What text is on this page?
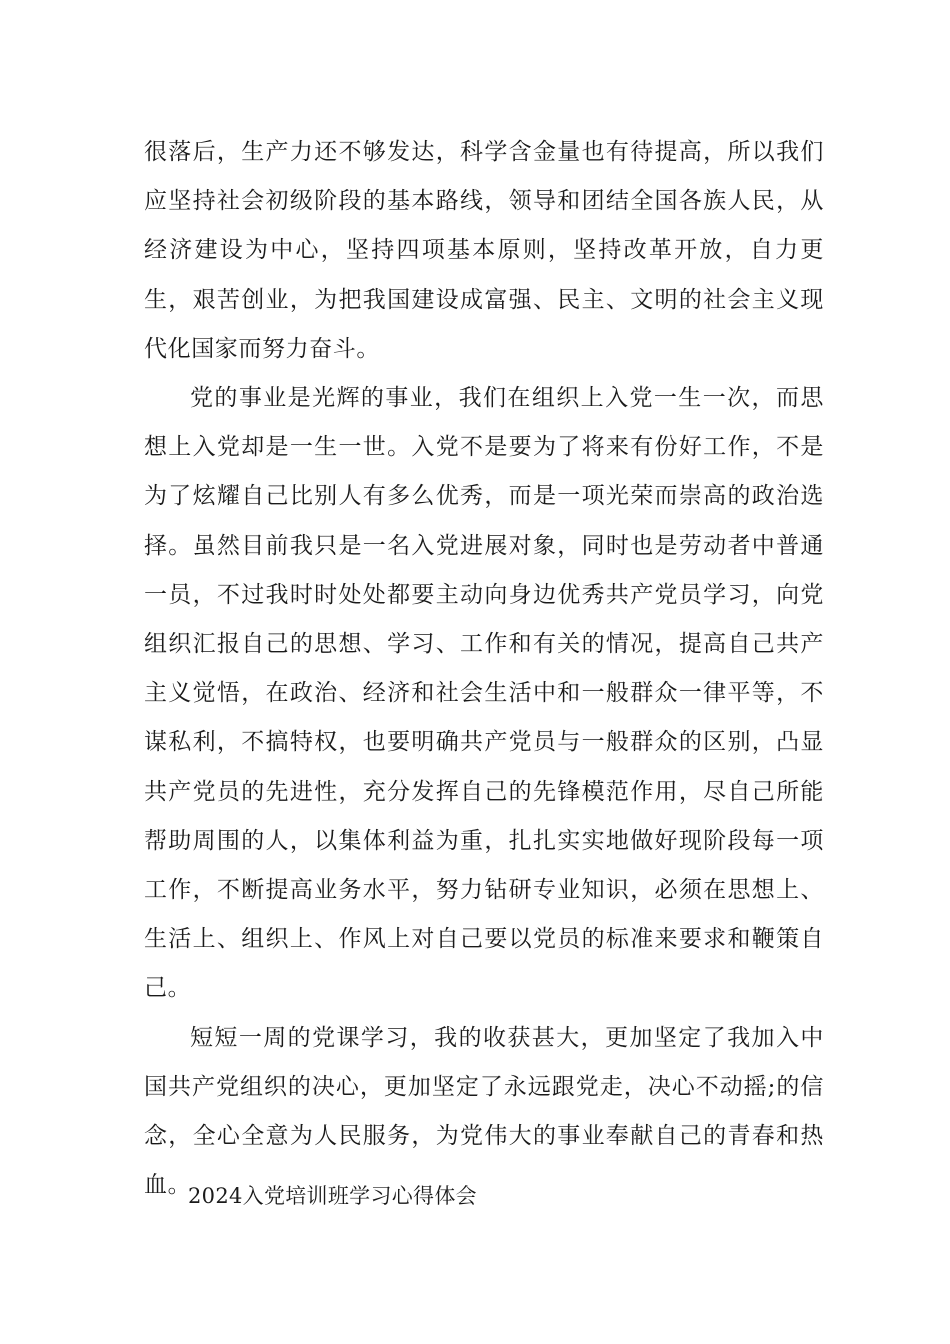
很落后，生产力还不够发达，科学含金量也有待提高，所以我们应坚持社会初级阶段的基本路线，领导和团结全国各族人民，从经济建设为中心，坚持四项基本原则，坚持改革开放，自力更生，艰苦创业，为把我国建设成富强、民主、文明的社会主义现代化国家而努力奋斗。

党的事业是光辉的事业，我们在组织上入党一生一次，而思想上入党却是一生一世。入党不是要为了将来有份好工作，不是为了炫耀自己比别人有多么优秀，而是一项光荣而崇高的政治选择。虽然目前我只是一名入党进展对象，同时也是劳动者中普通一员，不过我时时处处都要主动向身边优秀共产党员学习，向党组织汇报自己的思想、学习、工作和有关的情况，提高自己共产主义觉悟，在政治、经济和社会生活中和一般群众一律平等，不谋私利，不搞特权，也要明确共产党员与一般群众的区别，凸显共产党员的先进性，充分发挥自己的先锋模范作用，尽自己所能帮助周围的人，以集体利益为重，扎扎实实地做好现阶段每一项工作，不断提高业务水平，努力钻研专业知识，必须在思想上、生活上、组织上、作风上对自己要以党员的标准来要求和鞭策自己。

短短一周的党课学习，我的收获甚大，更加坚定了我加入中国共产党组织的决心，更加坚定了永远跟党走，决心不动摇;的信念，全心全意为人民服务，为党伟大的事业奉献自己的青春和热血。

2024入党培训班学习心得体会
